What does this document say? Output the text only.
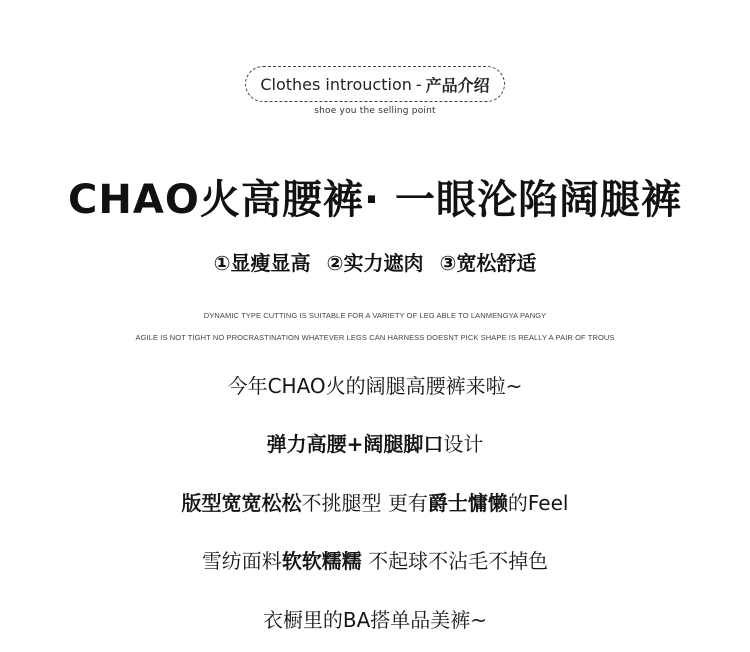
Clothes introuction - 产品介绍
shoe you the selling point
CHAO火高腰裤· 一眼沦陷阔腿裤
①显瘦显高 ②实力遮肉 ③宽松舒适
DYNAMIC TYPE CUTTING IS SUITABLE FOR A VARIETY OF LEG ABLE TO LANMENGYA PANGY
AGILE IS NOT TIGHT NO PROCRASTINATION WHATEVER LEGS CAN HARNESS DOESNT PICK SHAPE IS REALLY A PAIR OF TROUS
今年CHAO火的阔腿高腰裤来啦~
弹力高腰+阔腿脚口设计
版型宽宽松松不挑腿型 更有爵士慵懒的Feel
雪纺面料软软糯糯 不起球不沾毛不掉色
衣橱里的BA搭单品美裤~
